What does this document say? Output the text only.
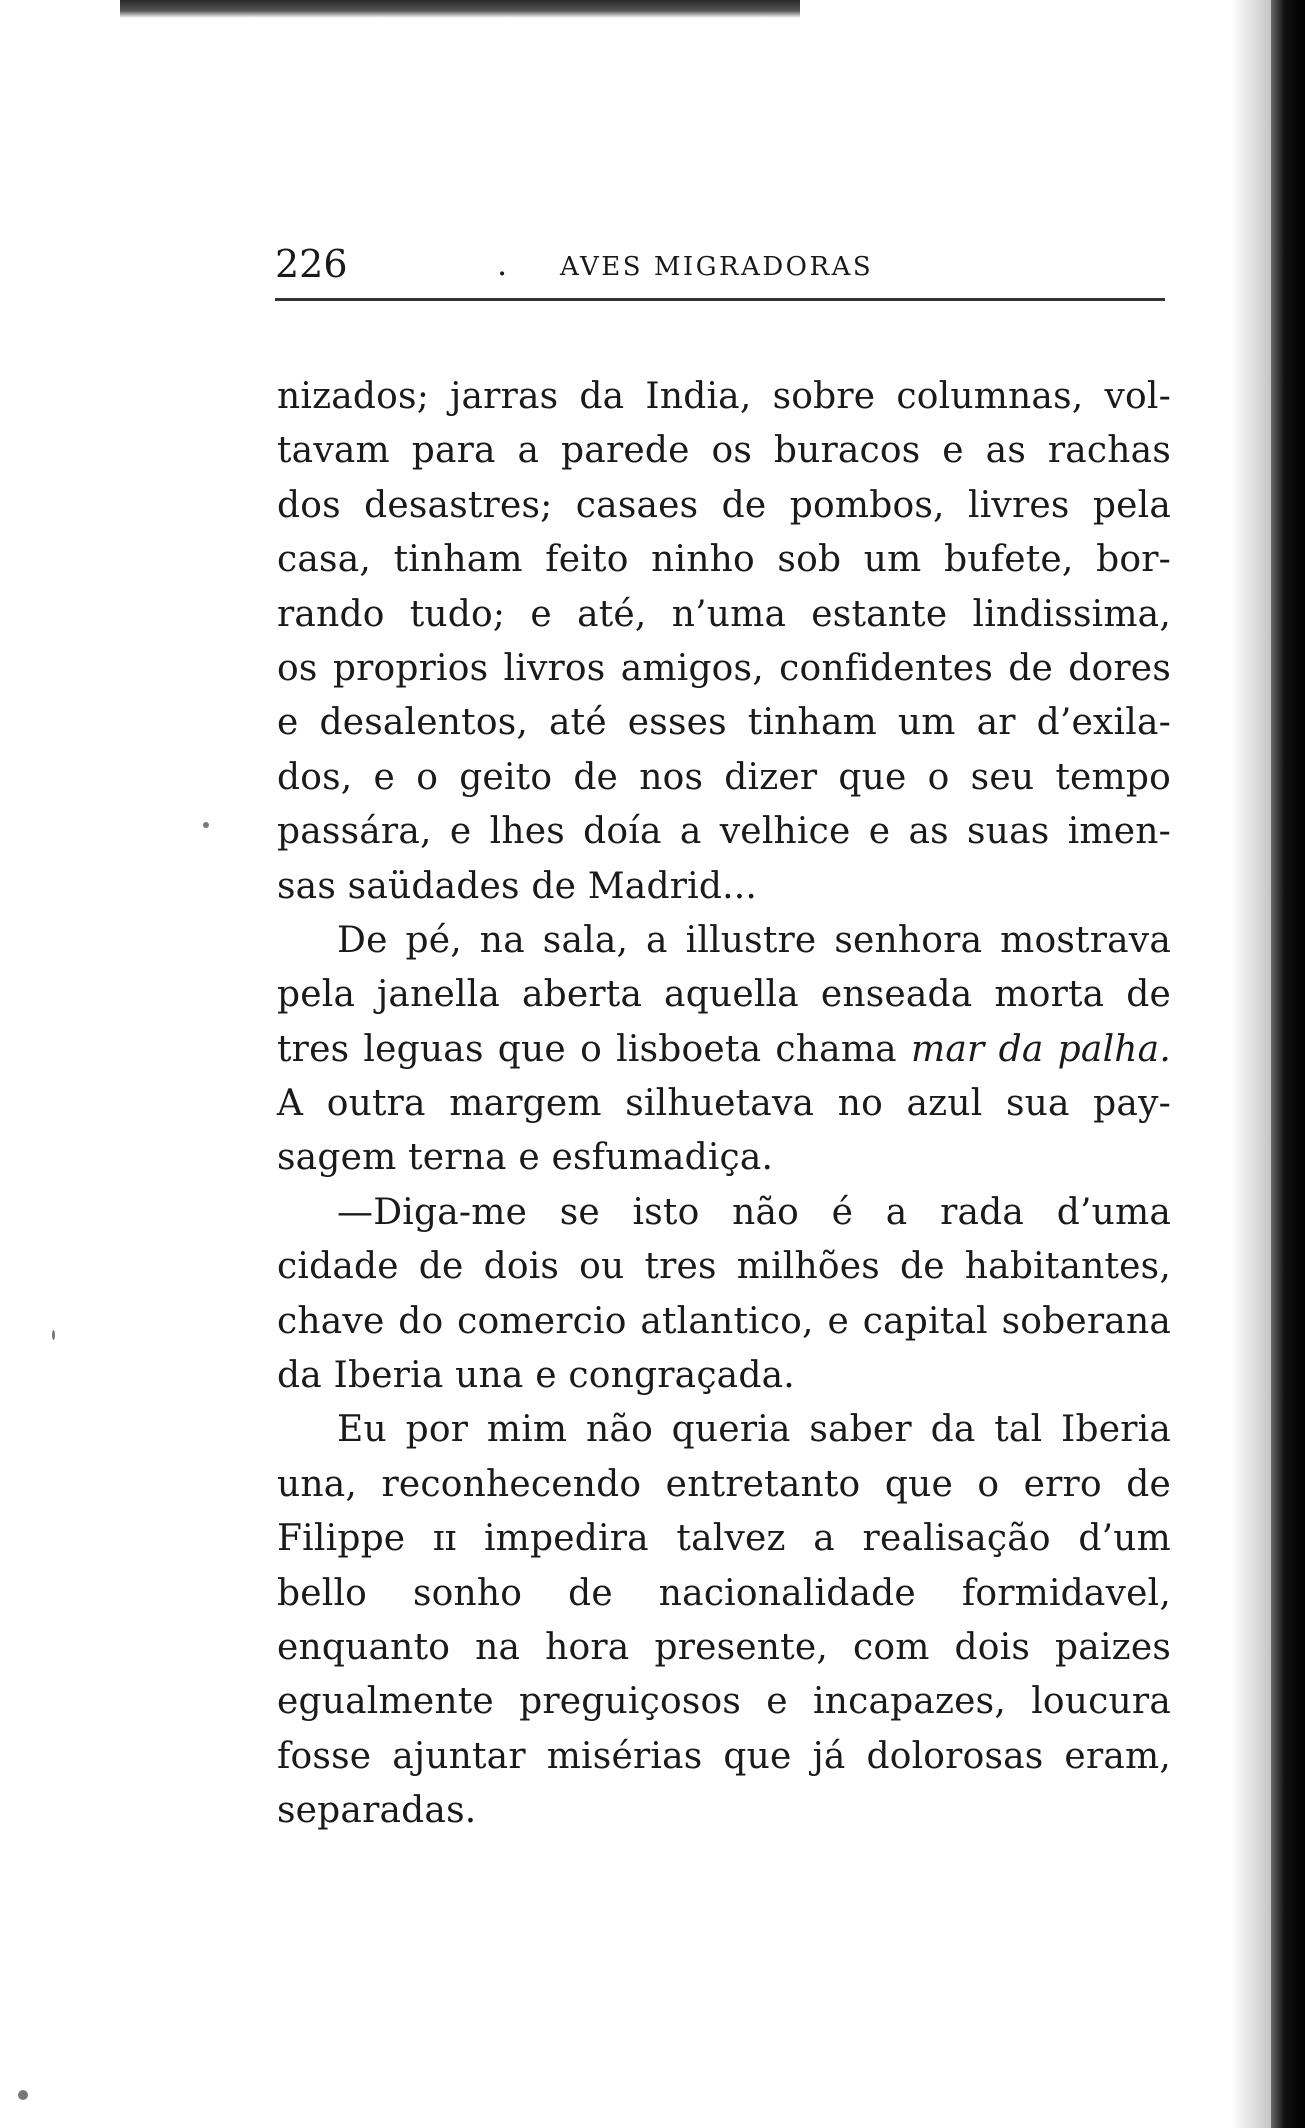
226	. AVES MIGRADORAS
nizados; jarras da India, sobre columnas, vol-
tavam para a parede os buracos e as rachas
dos desastres; casaes de pombos, livres pela
casa, tinham feito ninho sob um bufete, bor-
rando tudo; e até, n’uma estante lindissima,
os proprios livros amigos, confidentes de dores
e desalentos, até esses tinham um ar d’exila-
dos, e o geito de nos dizer que o seu tempo
passára, e lhes doía a velhice e as suas imen-
sas saüdades de Madrid...
De pé, na sala, a illustre senhora mostrava
pela janella aberta aquella enseada morta de
tres leguas que o lisboeta chama mar da palha.
A outra margem silhuetava no azul sua pay-
sagem terna e esfumadiça.
—Diga-me se isto não é a rada d’uma
cidade de dois ou tres milhões de habitantes,
chave do comercio atlantico, e capital soberana
da Iberia una e congraçada.
Eu por mim não queria saber da tal Iberia
una, reconhecendo entretanto que o erro de
Filippe ɪɪ impedira talvez a realisação d’um
bello sonho de nacionalidade formidavel,
enquanto na hora presente, com dois paizes
egualmente preguiçosos e incapazes, loucura
fosse ajuntar misérias que já dolorosas eram,
separadas.
